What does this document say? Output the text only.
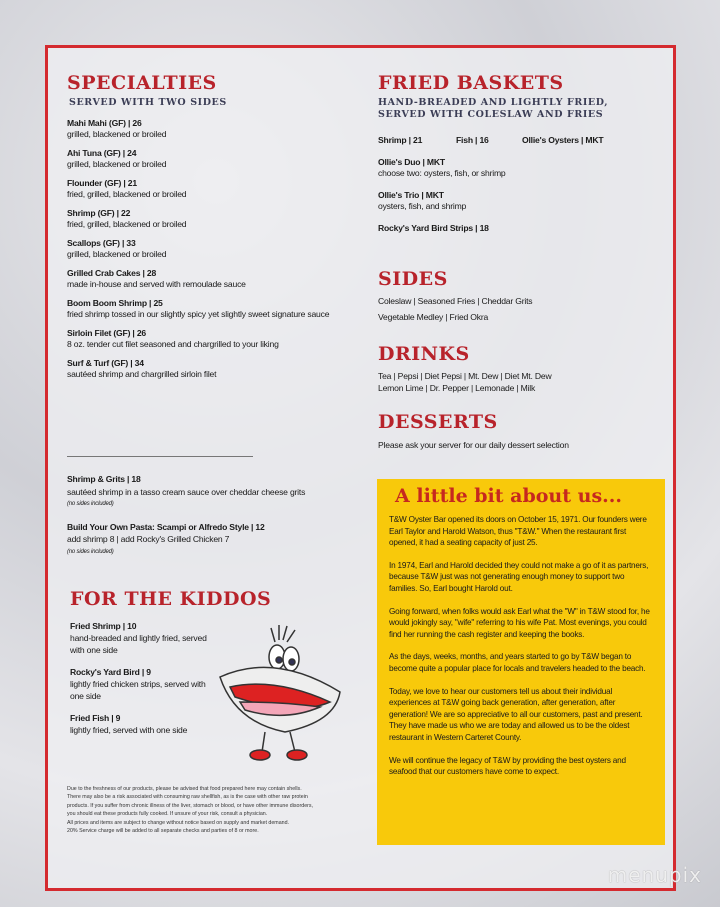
SPECIALTIES
SERVED WITH TWO SIDES
Mahi Mahi (GF) | 26
grilled, blackened or broiled
Ahi Tuna (GF) | 24
grilled, blackened or broiled
Flounder (GF) | 21
fried, grilled, blackened or broiled
Shrimp (GF) | 22
fried, grilled, blackened or broiled
Scallops (GF) | 33
grilled, blackened or broiled
Grilled Crab Cakes | 28
made in-house and served with remoulade sauce
Boom Boom Shrimp | 25
fried shrimp tossed in our slightly spicy yet slightly sweet signature sauce
Sirloin Filet (GF) | 26
8 oz. tender cut filet seasoned and chargrilled to your liking
Surf & Turf (GF) | 34
sautéed shrimp and chargrilled sirloin filet
Shrimp & Grits | 18
sautéed shrimp in a tasso cream sauce over cheddar cheese grits
(no sides included)
Build Your Own Pasta: Scampi or Alfredo Style | 12
add shrimp 8 | add Rocky's Grilled Chicken 7
(no sides included)
FOR THE KIDDOS
Fried Shrimp | 10
hand-breaded and lightly fried, served with one side
Rocky's Yard Bird | 9
lightly fried chicken strips, served with one side
Fried Fish | 9
lightly fried, served with one side
Due to the freshness of our products, please be advised that food prepared here may contain shells.
There may also be a risk associated with consuming raw shellfish, as is the case with other raw protein
products. If you suffer from chronic illness of the liver, stomach or blood, or have other immune disorders,
you should eat these products fully cooked. If unsure of your risk, consult a physician.
All prices and items are subject to change without notice based on supply and market demand.
20% Service charge will be added to all separate checks and parties of 8 or more.
FRIED BASKETS
HAND-BREADED AND LIGHTLY FRIED,
SERVED WITH COLESLAW AND FRIES
Shrimp | 21	Fish | 16	Ollie's Oysters | MKT
Ollie's Duo | MKT
choose two: oysters, fish, or shrimp
Ollie's Trio | MKT
oysters, fish, and shrimp
Rocky's Yard Bird Strips | 18
SIDES
Coleslaw | Seasoned Fries | Cheddar Grits
Vegetable Medley | Fried Okra
DRINKS
Tea | Pepsi | Diet Pepsi | Mt. Dew | Diet Mt. Dew
Lemon Lime | Dr. Pepper | Lemonade | Milk
DESSERTS
Please ask your server for our daily dessert selection
A little bit about us...

T&W Oyster Bar opened its doors on October 15, 1971. Our founders were Earl Taylor and Harold Watson, thus "T&W." When the restaurant first opened, it had a seating capacity of just 25.

In 1974, Earl and Harold decided they could not make a go of it as partners, because T&W just was not generating enough money to support two families. So, Earl bought Harold out.

Going forward, when folks would ask Earl what the "W" in T&W stood for, he would jokingly say, "wife" referring to his wife Pat. Most evenings, you could find her running the cash register and keeping the books.

As the days, weeks, months, and years started to go by T&W began to become quite a popular place for locals and travelers headed to the beach.

Today, we love to hear our customers tell us about their individual experiences at T&W going back generation, after generation, after generation! We are so appreciative to all our customers, past and present. They have made us who we are today and allowed us to be the oldest restaurant in Western Carteret County.

We will continue the legacy of T&W by providing the best oysters and seafood that our customers have come to expect.

menupix
